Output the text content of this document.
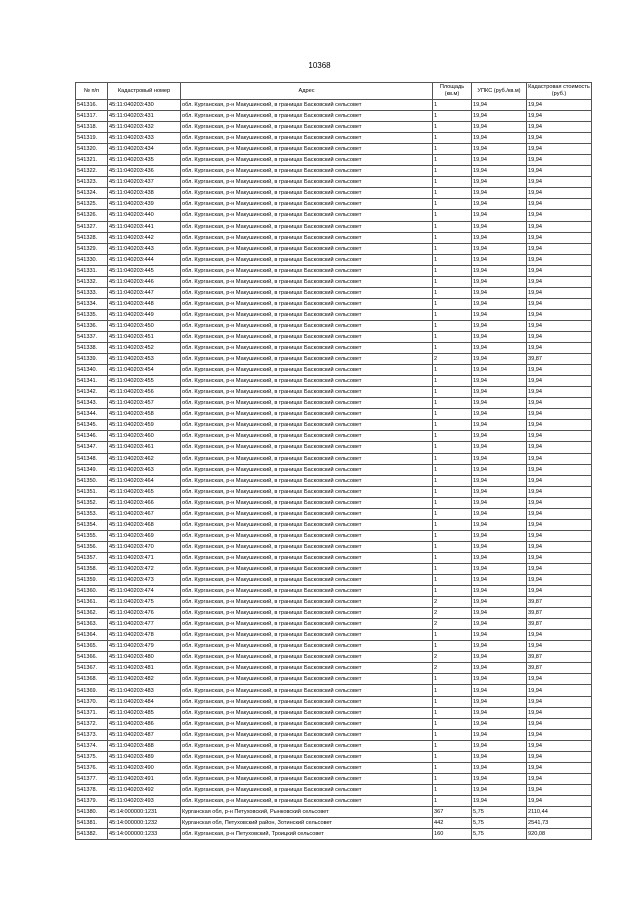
10368
№ п/п	Кадастровый номер	Адрес	Площадь (кв.м)	УПКС (руб./кв.м)	Кадастровая стоимость (руб.)
541316.	45:11:040203:430	обл. Курганская, р-н Макушинский, в границах Басковский сельсовет	1	19,94	19,94
541317.	45:11:040203:431	обл. Курганская, р-н Макушинский, в границах Басковский сельсовет	1	19,94	19,94
541318.	45:11:040203:432	обл. Курганская, р-н Макушинский, в границах Басковский сельсовет	1	19,94	19,94
541319.	45:11:040203:433	обл. Курганская, р-н Макушинский, в границах Басковский сельсовет	1	19,94	19,94
541320.	45:11:040203:434	обл. Курганская, р-н Макушинский, в границах Басковский сельсовет	1	19,94	19,94
541321.	45:11:040203:435	обл. Курганская, р-н Макушинский, в границах Басковский сельсовет	1	19,94	19,94
541322.	45:11:040203:436	обл. Курганская, р-н Макушинский, в границах Басковский сельсовет	1	19,94	19,94
541323.	45:11:040203:437	обл. Курганская, р-н Макушинский, в границах Басковский сельсовет	1	19,94	19,94
541324.	45:11:040203:438	обл. Курганская, р-н Макушинский, в границах Басковский сельсовет	1	19,94	19,94
541325.	45:11:040203:439	обл. Курганская, р-н Макушинский, в границах Басковский сельсовет	1	19,94	19,94
541326.	45:11:040203:440	обл. Курганская, р-н Макушинский, в границах Басковский сельсовет	1	19,94	19,94
541327.	45:11:040203:441	обл. Курганская, р-н Макушинский, в границах Басковский сельсовет	1	19,94	19,94
541328.	45:11:040203:442	обл. Курганская, р-н Макушинский, в границах Басковский сельсовет	1	19,94	19,94
541329.	45:11:040203:443	обл. Курганская, р-н Макушинский, в границах Басковский сельсовет	1	19,94	19,94
541330.	45:11:040203:444	обл. Курганская, р-н Макушинский, в границах Басковский сельсовет	1	19,94	19,94
541331.	45:11:040203:445	обл. Курганская, р-н Макушинский, в границах Басковский сельсовет	1	19,94	19,94
541332.	45:11:040203:446	обл. Курганская, р-н Макушинский, в границах Басковский сельсовет	1	19,94	19,94
541333.	45:11:040203:447	обл. Курганская, р-н Макушинский, в границах Басковский сельсовет	1	19,94	19,94
541334.	45:11:040203:448	обл. Курганская, р-н Макушинский, в границах Басковский сельсовет	1	19,94	19,94
541335.	45:11:040203:449	обл. Курганская, р-н Макушинский, в границах Басковский сельсовет	1	19,94	19,94
541336.	45:11:040203:450	обл. Курганская, р-н Макушинский, в границах Басковский сельсовет	1	19,94	19,94
541337.	45:11:040203:451	обл. Курганская, р-н Макушинский, в границах Басковский сельсовет	1	19,94	19,94
541338.	45:11:040203:452	обл. Курганская, р-н Макушинский, в границах Басковский сельсовет	1	19,94	19,94
541339.	45:11:040203:453	обл. Курганская, р-н Макушинский, в границах Басковский сельсовет	2	19,94	39,87
541340.	45:11:040203:454	обл. Курганская, р-н Макушинский, в границах Басковский сельсовет	1	19,94	19,94
541341.	45:11:040203:455	обл. Курганская, р-н Макушинский, в границах Басковский сельсовет	1	19,94	19,94
541342.	45:11:040203:456	обл. Курганская, р-н Макушинский, в границах Басковский сельсовет	1	19,94	19,94
541343.	45:11:040203:457	обл. Курганская, р-н Макушинский, в границах Басковский сельсовет	1	19,94	19,94
541344.	45:11:040203:458	обл. Курганская, р-н Макушинский, в границах Басковский сельсовет	1	19,94	19,94
541345.	45:11:040203:459	обл. Курганская, р-н Макушинский, в границах Басковский сельсовет	1	19,94	19,94
541346.	45:11:040203:460	обл. Курганская, р-н Макушинский, в границах Басковский сельсовет	1	19,94	19,94
541347.	45:11:040203:461	обл. Курганская, р-н Макушинский, в границах Басковский сельсовет	1	19,94	19,94
541348.	45:11:040203:462	обл. Курганская, р-н Макушинский, в границах Басковский сельсовет	1	19,94	19,94
541349.	45:11:040203:463	обл. Курганская, р-н Макушинский, в границах Басковский сельсовет	1	19,94	19,94
541350.	45:11:040203:464	обл. Курганская, р-н Макушинский, в границах Басковский сельсовет	1	19,94	19,94
541351.	45:11:040203:465	обл. Курганская, р-н Макушинский, в границах Басковский сельсовет	1	19,94	19,94
541352.	45:11:040203:466	обл. Курганская, р-н Макушинский, в границах Басковский сельсовет	1	19,94	19,94
541353.	45:11:040203:467	обл. Курганская, р-н Макушинский, в границах Басковский сельсовет	1	19,94	19,94
541354.	45:11:040203:468	обл. Курганская, р-н Макушинский, в границах Басковский сельсовет	1	19,94	19,94
541355.	45:11:040203:469	обл. Курганская, р-н Макушинский, в границах Басковский сельсовет	1	19,94	19,94
541356.	45:11:040203:470	обл. Курганская, р-н Макушинский, в границах Басковский сельсовет	1	19,94	19,94
541357.	45:11:040203:471	обл. Курганская, р-н Макушинский, в границах Басковский сельсовет	1	19,94	19,94
541358.	45:11:040203:472	обл. Курганская, р-н Макушинский, в границах Басковский сельсовет	1	19,94	19,94
541359.	45:11:040203:473	обл. Курганская, р-н Макушинский, в границах Басковский сельсовет	1	19,94	19,94
541360.	45:11:040203:474	обл. Курганская, р-н Макушинский, в границах Басковский сельсовет	1	19,94	19,94
541361.	45:11:040203:475	обл. Курганская, р-н Макушинский, в границах Басковский сельсовет	2	19,94	39,87
541362.	45:11:040203:476	обл. Курганская, р-н Макушинский, в границах Басковский сельсовет	2	19,94	39,87
541363.	45:11:040203:477	обл. Курганская, р-н Макушинский, в границах Басковский сельсовет	2	19,94	39,87
541364.	45:11:040203:478	обл. Курганская, р-н Макушинский, в границах Басковский сельсовет	1	19,94	19,94
541365.	45:11:040203:479	обл. Курганская, р-н Макушинский, в границах Басковский сельсовет	1	19,94	19,94
541366.	45:11:040203:480	обл. Курганская, р-н Макушинский, в границах Басковский сельсовет	2	19,94	39,87
541367.	45:11:040203:481	обл. Курганская, р-н Макушинский, в границах Басковский сельсовет	2	19,94	39,87
541368.	45:11:040203:482	обл. Курганская, р-н Макушинский, в границах Басковский сельсовет	1	19,94	19,94
541369.	45:11:040203:483	обл. Курганская, р-н Макушинский, в границах Басковский сельсовет	1	19,94	19,94
541370.	45:11:040203:484	обл. Курганская, р-н Макушинский, в границах Басковский сельсовет	1	19,94	19,94
541371.	45:11:040203:485	обл. Курганская, р-н Макушинский, в границах Басковский сельсовет	1	19,94	19,94
541372.	45:11:040203:486	обл. Курганская, р-н Макушинский, в границах Басковский сельсовет	1	19,94	19,94
541373.	45:11:040203:487	обл. Курганская, р-н Макушинский, в границах Басковский сельсовет	1	19,94	19,94
541374.	45:11:040203:488	обл. Курганская, р-н Макушинский, в границах Басковский сельсовет	1	19,94	19,94
541375.	45:11:040203:489	обл. Курганская, р-н Макушинский, в границах Басковский сельсовет	1	19,94	19,94
541376.	45:11:040203:490	обл. Курганская, р-н Макушинский, в границах Басковский сельсовет	1	19,94	19,94
541377.	45:11:040203:491	обл. Курганская, р-н Макушинский, в границах Басковский сельсовет	1	19,94	19,94
541378.	45:11:040203:492	обл. Курганская, р-н Макушинский, в границах Басковский сельсовет	1	19,94	19,94
541379.	45:11:040203:493	обл. Курганская, р-н Макушинский, в границах Басковский сельсовет	1	19,94	19,94
541380.	45:14:000000:1231	Курганская обл, р-н Петуховский, Рынковский сельсовет	367	5,75	2110,44
541381.	45:14:000000:1232	Курганская обл, Петуховский район, Зотинский сельсовет	442	5,75	2541,73
541382.	45:14:000000:1233	обл. Курганская, р-н Петуховский, Троицкий сельсовет	160	5,75	920,08
